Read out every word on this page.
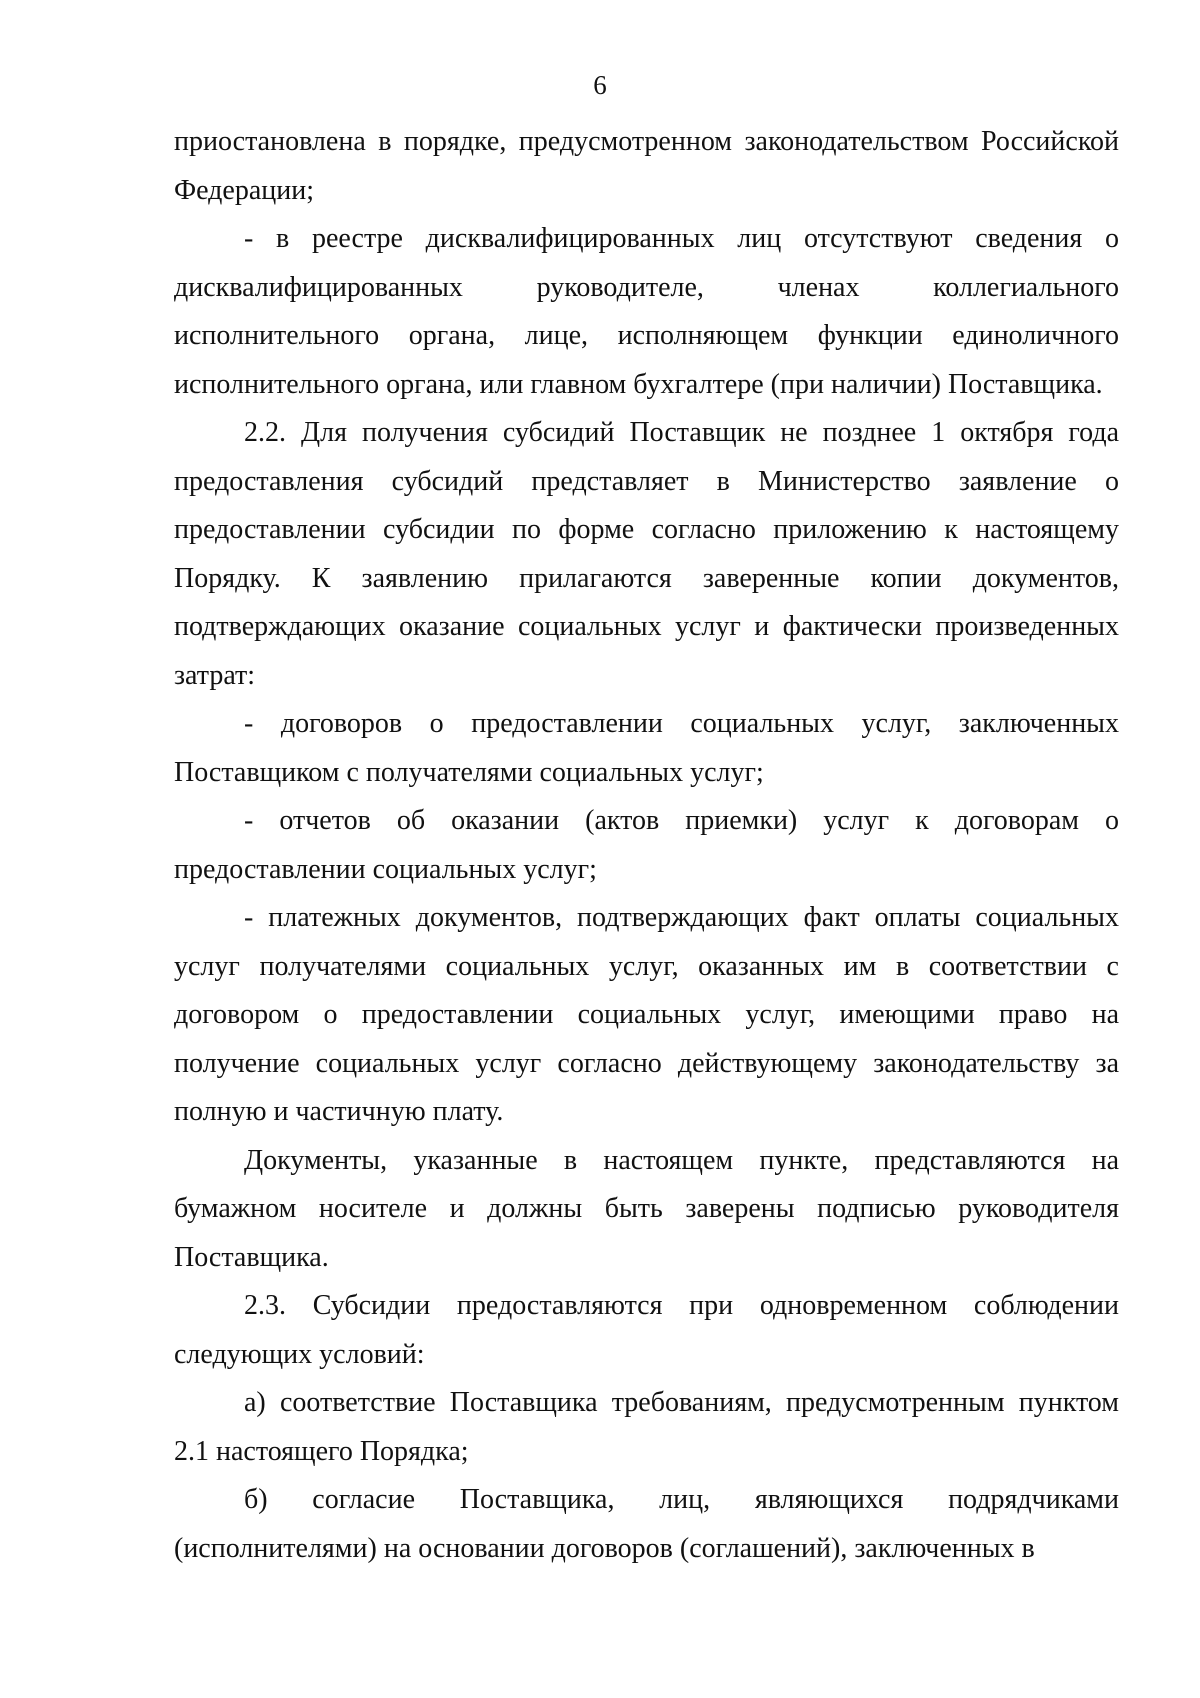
6

приостановлена в порядке, предусмотренном законодательством Российской Федерации;

- в реестре дисквалифицированных лиц отсутствуют сведения о дисквалифицированных руководителе, членах коллегиального исполнительного органа, лице, исполняющем функции единоличного исполнительного органа, или главном бухгалтере (при наличии) Поставщика.

2.2. Для получения субсидий Поставщик не позднее 1 октября года предоставления субсидий представляет в Министерство заявление о предоставлении субсидии по форме согласно приложению к настоящему Порядку. К заявлению прилагаются заверенные копии документов, подтверждающих оказание социальных услуг и фактически произведенных затрат:

- договоров о предоставлении социальных услуг, заключенных Поставщиком с получателями социальных услуг;

- отчетов об оказании (актов приемки) услуг к договорам о предоставлении социальных услуг;

- платежных документов, подтверждающих факт оплаты социальных услуг получателями социальных услуг, оказанных им в соответствии с договором о предоставлении социальных услуг, имеющими право на получение социальных услуг согласно действующему законодательству за полную и частичную плату.

Документы, указанные в настоящем пункте, представляются на бумажном носителе и должны быть заверены подписью руководителя Поставщика.

2.3. Субсидии предоставляются при одновременном соблюдении следующих условий:

а) соответствие Поставщика требованиям, предусмотренным пунктом 2.1 настоящего Порядка;

б) согласие Поставщика, лиц, являющихся подрядчиками (исполнителями) на основании договоров (соглашений), заключенных в
